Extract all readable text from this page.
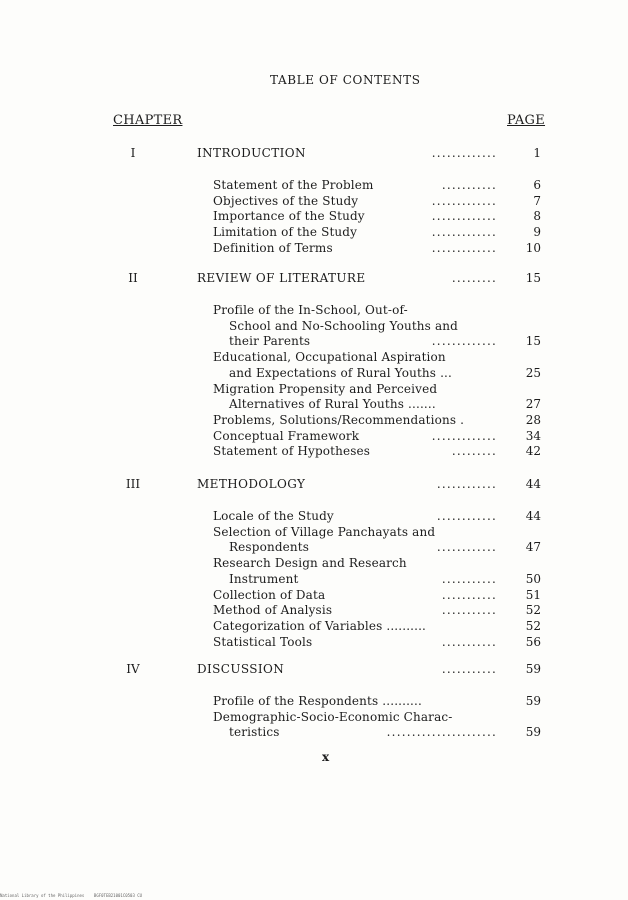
TABLE OF CONTENTS
CHAPTER	PAGE
I	INTRODUCTION	.............	1
Statement of the Problem	...........	6
Objectives of the Study	.............	7
Importance of the Study	.............	8
Limitation of the Study	.............	9
Definition of Terms	.............	10
II	REVIEW OF LITERATURE	.........	15
Profile of the In-School, Out-of-
School and No-Schooling Youths and
their Parents	.............	15
Educational, Occupational Aspiration
and Expectations of Rural Youths ...	25
Migration Propensity and Perceived
Alternatives of Rural Youths .......	27
Problems, Solutions/Recommendations .	28
Conceptual Framework	.............	34
Statement of Hypotheses	.........	42
III	METHODOLOGY	............	44
Locale of the Study	............	44
Selection of Village Panchayats and
Respondents	............	47
Research Design and Research
Instrument	...........	50
Collection of Data	...........	51
Method of Analysis	...........	52
Categorization of Variables ..........	52
Statistical Tools	...........	56
IV	DISCUSSION	...........	59
Profile of the Respondents ..........	59
Demographic-Socio-Economic Charac-
teristics	......................	59
x
National Library of the Philippines    BGF0TEB21001C0503 CU
